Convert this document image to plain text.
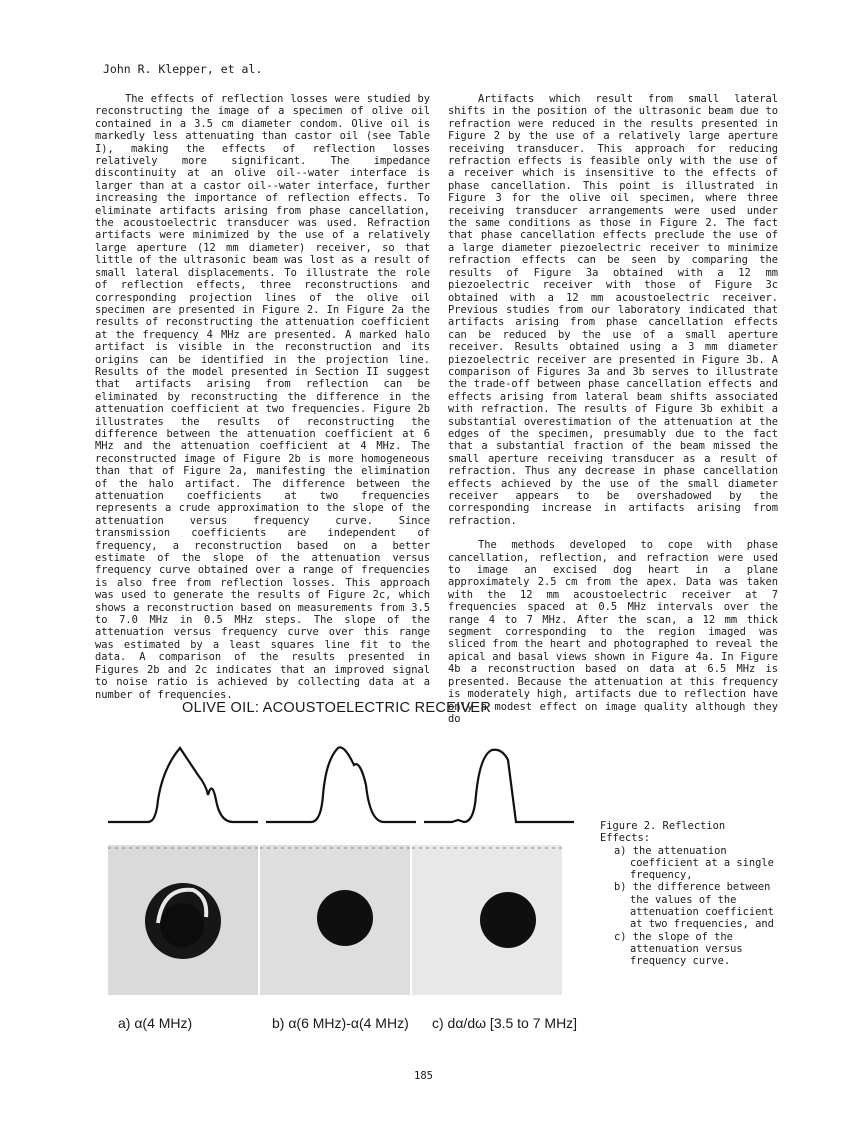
John R. Klepper, et al.

The effects of reflection losses were studied by reconstructing the image of a specimen of olive oil contained in a 3.5 cm diameter condom. Olive oil is markedly less attenuating than castor oil (see Table I), making the effects of reflection losses relatively more significant. The impedance discontinuity at an olive oil--water interface is larger than at a castor oil--water interface, further increasing the importance of reflection effects. To eliminate artifacts arising from phase cancellation, the acoustoelectric transducer was used. Refraction artifacts were minimized by the use of a relatively large aperture (12 mm diameter) receiver, so that little of the ultrasonic beam was lost as a result of small lateral displacements. To illustrate the role of reflection effects, three reconstructions and corresponding projection lines of the olive oil specimen are presented in Figure 2. In Figure 2a the results of reconstructing the attenuation coefficient at the frequency 4 MHz are presented. A marked halo artifact is visible in the reconstruction and its origins can be identified in the projection line. Results of the model presented in Section II suggest that artifacts arising from reflection can be eliminated by reconstructing the difference in the attenuation coefficient at two frequencies. Figure 2b illustrates the results of reconstructing the difference between the attenuation coefficient at 6 MHz and the attenuation coefficient at 4 MHz. The reconstructed image of Figure 2b is more homogeneous than that of Figure 2a, manifesting the elimination of the halo artifact. The difference between the attenuation coefficients at two frequencies represents a crude approximation to the slope of the attenuation versus frequency curve. Since transmission coefficients are independent of frequency, a reconstruction based on a better estimate of the slope of the attenuation versus frequency curve obtained over a range of frequencies is also free from reflection losses. This approach was used to generate the results of Figure 2c, which shows a reconstruction based on measurements from 3.5 to 7.0 MHz in 0.5 MHz steps. The slope of the attenuation versus frequency curve over this range was estimated by a least squares line fit to the data. A comparison of the results presented in Figures 2b and 2c indicates that an improved signal to noise ratio is achieved by collecting data at a number of frequencies.

Artifacts which result from small lateral shifts in the position of the ultrasonic beam due to refraction were reduced in the results presented in Figure 2 by the use of a relatively large aperture receiving transducer. This approach for reducing refraction effects is feasible only with the use of a receiver which is insensitive to the effects of phase cancellation. This point is illustrated in Figure 3 for the olive oil specimen, where three receiving transducer arrangements were used under the same conditions as those in Figure 2. The fact that phase cancellation effects preclude the use of a large diameter piezoelectric receiver to minimize refraction effects can be seen by comparing the results of Figure 3a obtained with a 12 mm piezoelectric receiver with those of Figure 3c obtained with a 12 mm acoustoelectric receiver. Previous studies from our laboratory indicated that artifacts arising from phase cancellation effects can be reduced by the use of a small aperture receiver. Results obtained using a 3 mm diameter piezoelectric receiver are presented in Figure 3b. A comparison of Figures 3a and 3b serves to illustrate the trade-off between phase cancellation effects and effects arising from lateral beam shifts associated with refraction. The results of Figure 3b exhibit a substantial overestimation of the attenuation at the edges of the specimen, presumably due to the fact that a substantial fraction of the beam missed the small aperture receiving transducer as a result of refraction. Thus any decrease in phase cancellation effects achieved by the use of the small diameter receiver appears to be overshadowed by the corresponding increase in artifacts arising from refraction.

The methods developed to cope with phase cancellation, reflection, and refraction were used to image an excised dog heart in a plane approximately 2.5 cm from the apex. Data was taken with the 12 mm acoustoelectric receiver at 7 frequencies spaced at 0.5 MHz intervals over the range 4 to 7 MHz. After the scan, a 12 mm thick segment corresponding to the region imaged was sliced from the heart and photographed to reveal the apical and basal views shown in Figure 4a. In Figure 4b a reconstruction based on data at 6.5 MHz is presented. Because the attenuation at this frequency is moderately high, artifacts due to reflection have only a modest effect on image quality although they do

OLIVE OIL: ACOUSTOELECTRIC RECEIVER
Figure 2. Reflection Effects:
a) the attenuation coefficient at a single frequency,
b) the difference between the values of the attenuation coefficient at two frequencies, and
c) the slope of the attenuation versus frequency curve.
a) α(4 MHz)	b) α(6 MHz)-α(4 MHz) c) dα/dω [3.5 to 7 MHz]
185
